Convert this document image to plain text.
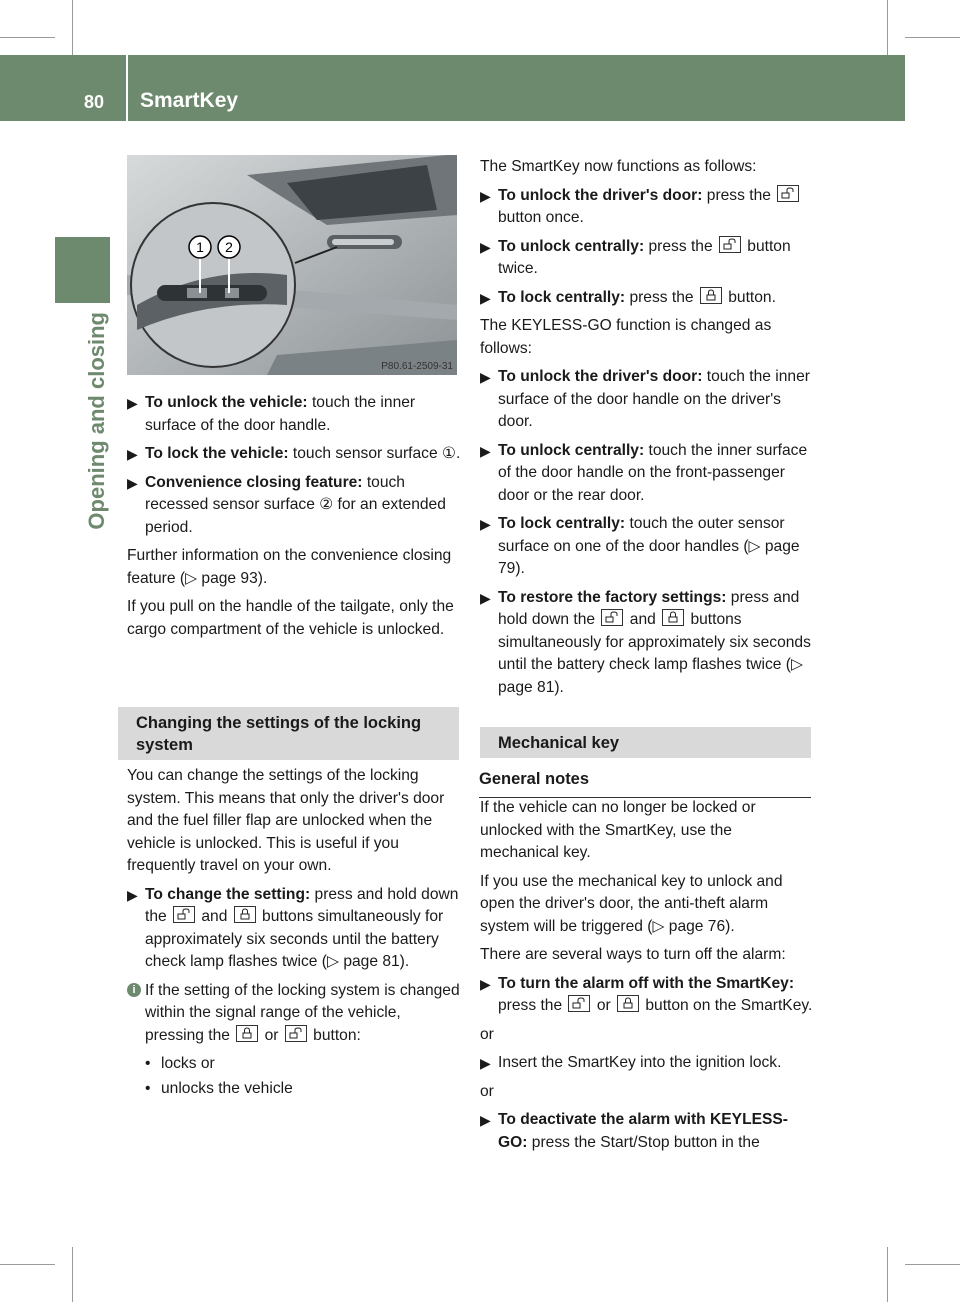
80 SmartKey
Opening and closing
1 2
P80.61-2509-31
▶ To unlock the vehicle: touch the inner surface of the door handle.
▶ To lock the vehicle: touch sensor surface ①.
▶ Convenience closing feature: touch recessed sensor surface ② for an extended period.

Further information on the convenience closing feature (▷ page 93).

If you pull on the handle of the tailgate, only the cargo compartment of the vehicle is unlocked.

Changing the settings of the locking system

You can change the settings of the locking system. This means that only the driver's door and the fuel filler flap are unlocked when the vehicle is unlocked. This is useful if you frequently travel on your own.

▶ To change the setting: press and hold down the
and
buttons simultaneously for approximately six seconds until the battery check lamp flashes twice (▷ page 81).
i If the setting of the locking system is changed within the signal range of the vehicle, pressing the
or
button:
• locks or
• unlocks the vehicle

The SmartKey now functions as follows:

▶ To unlock the driver's door: press the
button once.
▶ To unlock centrally: press the
button twice.
▶ To lock centrally: press the
button.

The KEYLESS-GO function is changed as follows:

▶ To unlock the driver's door: touch the inner surface of the door handle on the driver's door.
▶ To unlock centrally: touch the inner surface of the door handle on the front-passenger door or the rear door.
▶ To lock centrally: touch the outer sensor surface on one of the door handles (▷ page 79).
▶ To restore the factory settings: press and hold down the
and
buttons simultaneously for approximately six seconds until the battery check lamp flashes twice (▷ page 81).
Mechanical key
General notes

If the vehicle can no longer be locked or unlocked with the SmartKey, use the mechanical key.

If you use the mechanical key to unlock and open the driver's door, the anti-theft alarm system will be triggered (▷ page 76).

There are several ways to turn off the alarm:

▶ To turn the alarm off with the SmartKey: press the
or
button on the SmartKey.

or

▶ Insert the SmartKey into the ignition lock.

or

▶ To deactivate the alarm with KEYLESS-GO: press the Start/Stop button in the
